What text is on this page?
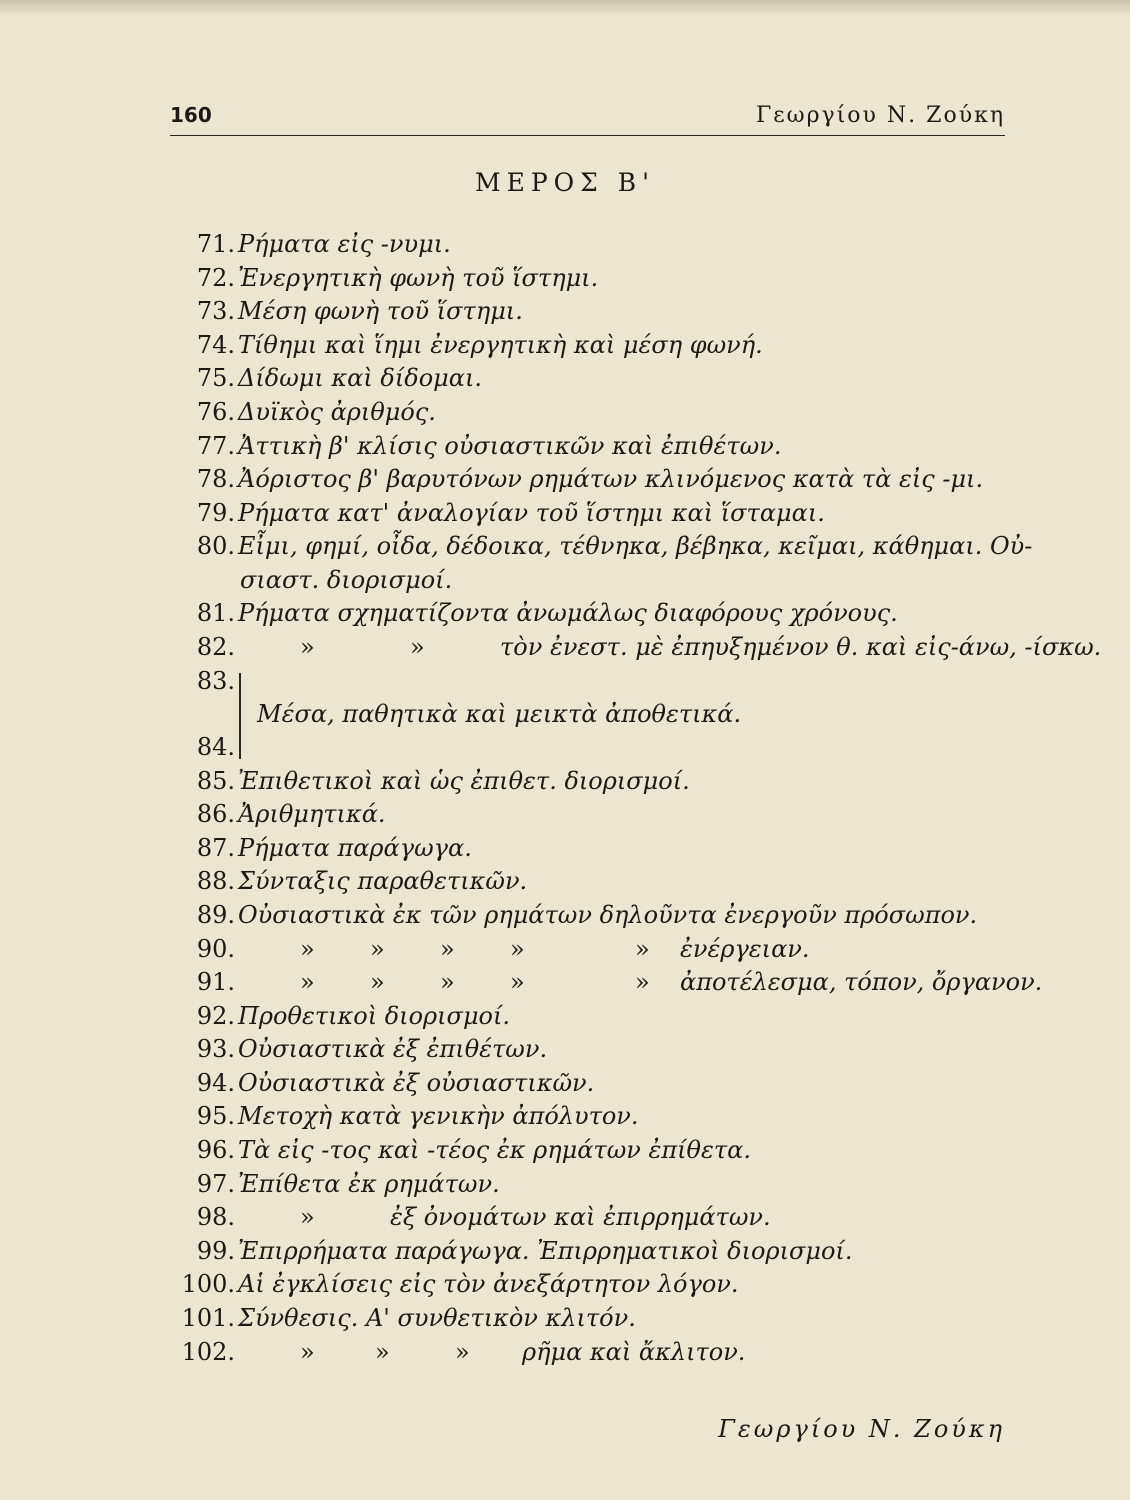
160	Γεωργίου Ν. Ζούκη
ΜΕΡΟΣ Β'
71. Ρήματα εἰς -νυμι.
72. Ἐνεργητικὴ φωνὴ τοῦ ἵστημι.
73. Μέση φωνὴ τοῦ ἵστημι.
74. Τίθημι καὶ ἵημι ἐνεργητικὴ καὶ μέση φωνή.
75. Δίδωμι καὶ δίδομαι.
76. Δυϊκὸς ἀριθμός.
77. Ἀττικὴ β' κλίσις οὐσιαστικῶν καὶ ἐπιθέτων.
78. Ἀόριστος β' βαρυτόνων ρημάτων κλινόμενος κατὰ τὰ εἰς -μι.
79. Ρήματα κατ' ἀναλογίαν τοῦ ἵστημι καὶ ἵσταμαι.
80. Εἶμι, φημί, οἶδα, δέδοικα, τέθνηκα, βέβηκα, κεῖμαι, κάθημαι. Οὐ-
σιαστ. διορισμοί.
81. Ρήματα σχηματίζοντα ἀνωμάλως διαφόρους χρόνους.
82.	»	»	τὸν ἐνεστ. μὲ ἐπηυξημένον θ. καὶ εἰς-άνω, -ίσκω.
83.
Μέσα, παθητικὰ καὶ μεικτὰ ἀποθετικά.
84.
85. Ἐπιθετικοὶ καὶ ὡς ἐπιθετ. διορισμοί.
86. Ἀριθμητικά.
87. Ρήματα παράγωγα.
88. Σύνταξις παραθετικῶν.
89. Οὐσιαστικὰ ἐκ τῶν ρημάτων δηλοῦντα ἐνεργοῦν πρόσωπον.
90.	» » » »	» ἐνέργειαν.
91.	» » » »	» ἀποτέλεσμα, τόπον, ὄργανον.
92. Προθετικοὶ διορισμοί.
93. Οὐσιαστικὰ ἐξ ἐπιθέτων.
94. Οὐσιαστικὰ ἐξ οὐσιαστικῶν.
95. Μετοχὴ κατὰ γενικὴν ἀπόλυτον.
96. Τὰ εἰς -τος καὶ -τέος ἐκ ρημάτων ἐπίθετα.
97. Ἐπίθετα ἐκ ρημάτων.
98.	»	ἐξ ὀνομάτων καὶ ἐπιρρημάτων.
99. Ἐπιρρήματα παράγωγα. Ἐπιρρηματικοὶ διορισμοί.
100. Αἱ ἐγκλίσεις εἰς τὸν ἀνεξάρτητον λόγον.
101. Σύνθεσις. Α' συνθετικὸν κλιτόν.
102.	»	»	» ρῆμα καὶ ἄκλιτον.
Γεωργίου Ν. Ζούκη
